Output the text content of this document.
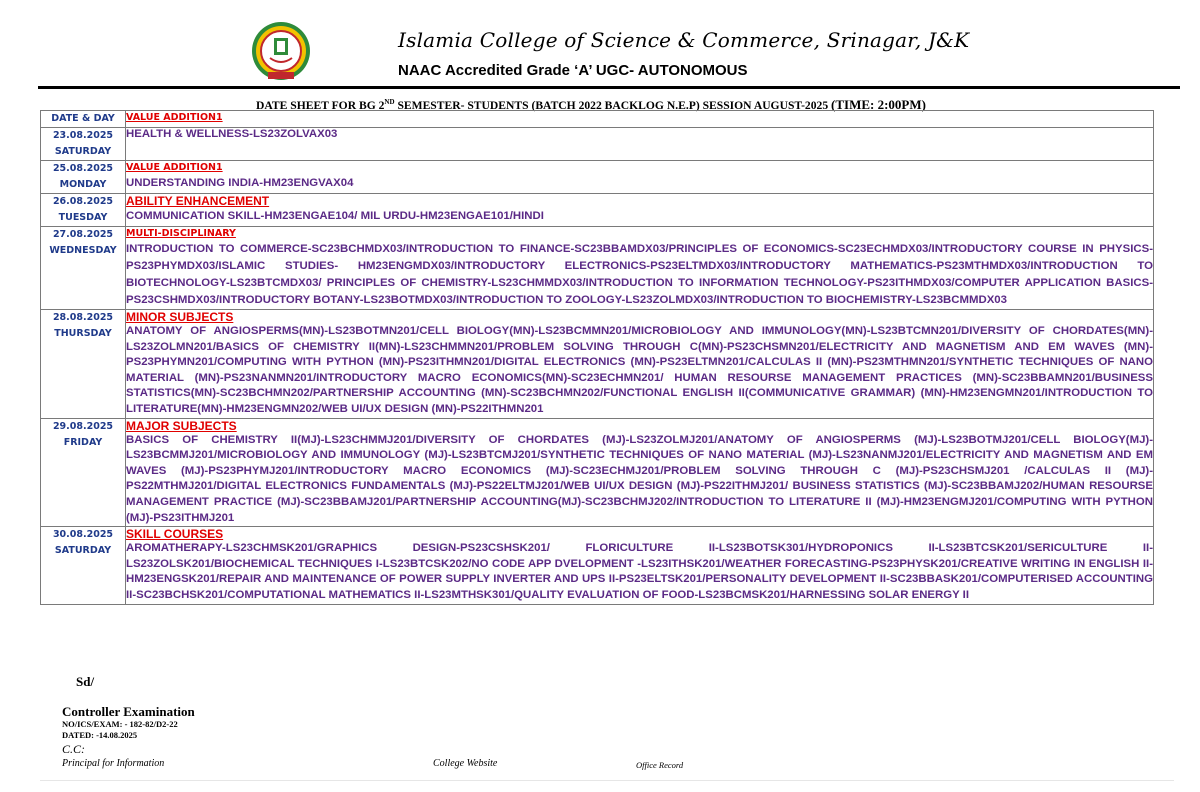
Islamia College of Science & Commerce, Srinagar, J&K
NAAC Accredited Grade ‘A’ UGC- AUTONOMOUS
DATE SHEET FOR BG 2ND SEMESTER- STUDENTS (BATCH 2022 BACKLOG N.E.P) SESSION AUGUST-2025 (TIME: 2:00PM)
DATE & DAY	VALUE ADDITION1

23.08.2025
SATURDAY	HEALTH & WELLNESS-LS23ZOLVAX03

25.08.2025
MONDAY	VALUE ADDITION1
UNDERSTANDING INDIA-HM23ENGVAX04

26.08.2025
TUESDAY	ABILITY ENHANCEMENT
COMMUNICATION SKILL-HM23ENGAE104/ MIL URDU-HM23ENGAE101/HINDI

27.08.2025
WEDNESDAY	MULTI-DISCIPLINARY
INTRODUCTION TO COMMERCE-SC23BCHMDX03/INTRODUCTION TO FINANCE-SC23BBAMDX03/PRINCIPLES OF ECONOMICS-SC23ECHMDX03/INTRODUCTORY COURSE IN PHYSICS-PS23PHYMDX03/ISLAMIC STUDIES- HM23ENGMDX03/INTRODUCTORY ELECTRONICS-PS23ELTMDX03/INTRODUCTORY MATHEMATICS-PS23MTHMDX03/INTRODUCTION TO BIOTECHNOLOGY-LS23BTCMDX03/ PRINCIPLES OF CHEMISTRY-LS23CHMMDX03/INTRODUCTION TO INFORMATION TECHNOLOGY-PS23ITHMDX03/COMPUTER APPLICATION BASICS-PS23CSHMDX03/INTRODUCTORY BOTANY-LS23BOTMDX03/INTRODUCTION TO ZOOLOGY-LS23ZOLMDX03/INTRODUCTION TO BIOCHEMISTRY-LS23BCMMDX03

28.08.2025
THURSDAY	MINOR SUBJECTS
ANATOMY OF ANGIOSPERMS(MN)-LS23BOTMN201/CELL BIOLOGY(MN)-LS23BCMMN201/MICROBIOLOGY AND IMMUNOLOGY(MN)-LS23BTCMN201/DIVERSITY OF CHORDATES(MN)-LS23ZOLMN201/BASICS OF CHEMISTRY II(MN)-LS23CHMMN201/PROBLEM SOLVING THROUGH C(MN)-PS23CHSMN201/ELECTRICITY AND MAGNETISM AND EM WAVES (MN)-PS23PHYMN201/COMPUTING WITH PYTHON (MN)-PS23ITHMN201/DIGITAL ELECTRONICS (MN)-PS23ELTMN201/CALCULAS II (MN)-PS23MTHMN201/SYNTHETIC TECHNIQUES OF NANO MATERIAL (MN)-PS23NANMN201/INTRODUCTORY MACRO ECONOMICS(MN)-SC23ECHMN201/ HUMAN RESOURSE MANAGEMENT PRACTICES (MN)-SC23BBAMN201/BUSINESS STATISTICS(MN)-SC23BCHMN202/PARTNERSHIP ACCOUNTING (MN)-SC23BCHMN202/FUNCTIONAL ENGLISH II(COMMUNICATIVE GRAMMAR) (MN)-HM23ENGMN201/INTRODUCTION TO LITERATURE(MN)-HM23ENGMN202/WEB UI/UX DESIGN (MN)-PS22ITHMN201

29.08.2025
FRIDAY	MAJOR SUBJECTS
BASICS OF CHEMISTRY II(MJ)-LS23CHMMJ201/DIVERSITY OF CHORDATES (MJ)-LS23ZOLMJ201/ANATOMY OF ANGIOSPERMS (MJ)-LS23BOTMJ201/CELL BIOLOGY(MJ)-LS23BCMMJ201/MICROBIOLOGY AND IMMUNOLOGY (MJ)-LS23BTCMJ201/SYNTHETIC TECHNIQUES OF NANO MATERIAL (MJ)-LS23NANMJ201/ELECTRICITY AND MAGNETISM AND EM WAVES (MJ)-PS23PHYMJ201/INTRODUCTORY MACRO ECONOMICS (MJ)-SC23ECHMJ201/PROBLEM SOLVING THROUGH C (MJ)-PS23CHSMJ201 /CALCULAS II (MJ)-PS22MTHMJ201/DIGITAL ELECTRONICS FUNDAMENTALS (MJ)-PS22ELTMJ201/WEB UI/UX DESIGN (MJ)-PS22ITHMJ201/ BUSINESS STATISTICS (MJ)-SC23BBAMJ202/HUMAN RESOURSE MANAGEMENT PRACTICE (MJ)-SC23BBAMJ201/PARTNERSHIP ACCOUNTING(MJ)-SC23BCHMJ202/INTRODUCTION TO LITERATURE II (MJ)-HM23ENGMJ201/COMPUTING WITH PYTHON (MJ)-PS23ITHMJ201

30.08.2025
SATURDAY	SKILL COURSES
AROMATHERAPY-LS23CHMSK201/GRAPHICS DESIGN-PS23CSHSK201/ FLORICULTURE II-LS23BOTSK301/HYDROPONICS II-LS23BTCSK201/SERICULTURE II-LS23ZOLSK201/BIOCHEMICAL TECHNIQUES I-LS23BTCSK202/NO CODE APP DVELOPMENT -LS23ITHSK201/WEATHER FORECASTING-PS23PHYSK201/CREATIVE WRITING IN ENGLISH II-HM23ENGSK201/REPAIR AND MAINTENANCE OF POWER SUPPLY INVERTER AND UPS II-PS23ELTSK201/PERSONALITY DEVELOPMENT II-SC23BBASK201/COMPUTERISED ACCOUNTING II-SC23BCHSK201/COMPUTATIONAL MATHEMATICS II-LS23MTHSK301/QUALITY EVALUATION OF FOOD-LS23BCMSK201/HARNESSING SOLAR ENERGY II
Sd/
Controller Examination
NO/ICS/EXAM: - 182-82/D2-22
DATED: -14.08.2025
C.C:
Principal for Information	College Website	Office Record
